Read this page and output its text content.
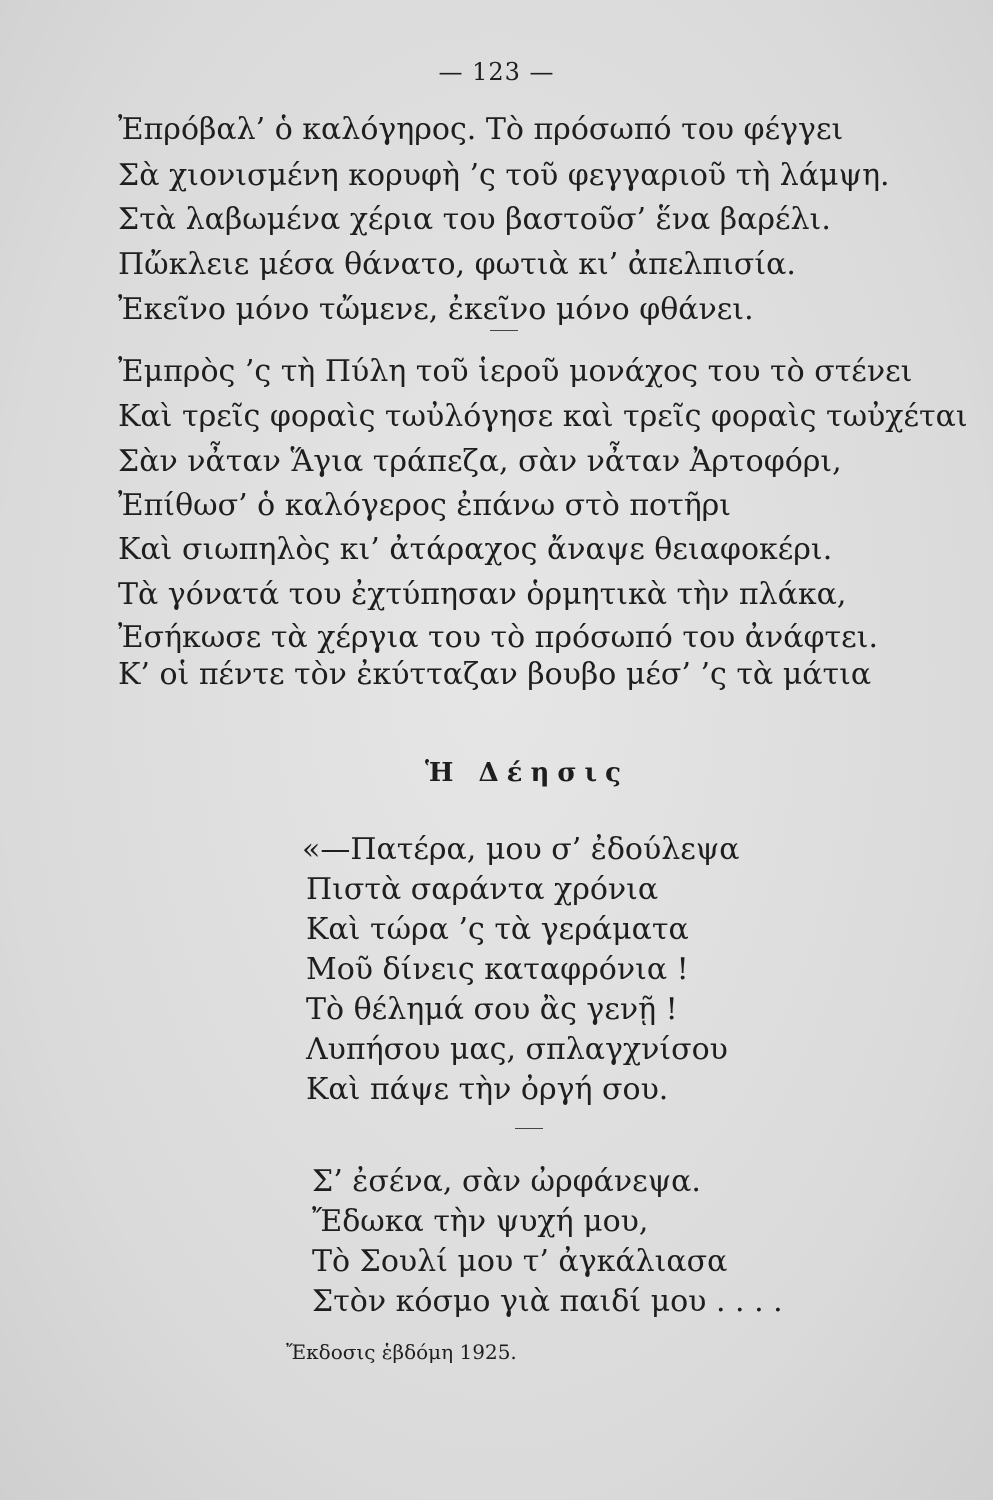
— 123 —
Ἐπρόβαλ’ ὁ καλόγηρος. Τὸ πρόσωπό του φέγγει
Σὰ χιονισμένη κορυφὴ ’ς τοῦ φεγγαριοῦ τὴ λάμψη.
Στὰ λαβωμένα χέρια του βαστοῦσ’ ἕνα βαρέλι.
Πὤκλειε μέσα θάνατο, φωτιὰ κι’ ἀπελπισία.
Ἐκεῖνο μόνο τὤμενε, ἐκεῖνο μόνο φθάνει.
Ἐμπρὸς ’ς τὴ Πύλη τοῦ ἱεροῦ μονάχος του τὸ στένει
Καὶ τρεῖς φοραὶς τωὐλόγησε καὶ τρεῖς φοραὶς τωὐχέται
Σὰν νἆταν Ἅγια τράπεζα, σὰν νἆταν Ἀρτοφόρι,
Ἐπίθωσ’ ὁ καλόγερος ἐπάνω στὸ ποτῆρι
Καὶ σιωπηλὸς κι’ ἀτάραχος ἄναψε θειαφοκέρι.
Τὰ γόνατά του ἐχτύπησαν ὁρμητικὰ τὴν πλάκα,
Ἐσήκωσε τὰ χέργια του τὸ πρόσωπό του ἀνάφτει.
Κ’ οἱ πέντε τὸν ἐκύτταζαν βουβο μέσ’ ’ς τὰ μάτια
Ἡ Δέησις
«—Πατέρα, μου σ’ ἐδούλεψα
Πιστὰ σαράντα χρόνια
Καὶ τώρα ’ς τὰ γεράματα
Μοῦ δίνεις καταφρόνια !
Τὸ θέλημά σου ἂς γενῇ !
Λυπήσου μας, σπλαγχνίσου
Καὶ πάψε τὴν ὀργή σου.
Σ’ ἐσένα, σὰν ὠρφάνεψα.
Ἔδωκα τὴν ψυχή μου,
Τὸ Σουλί μου τ’ ἀγκάλιασα
Στὸν κόσμο γιὰ παιδί μου . . . .
Ἔκδοσις ἑβδόμη 1925.
